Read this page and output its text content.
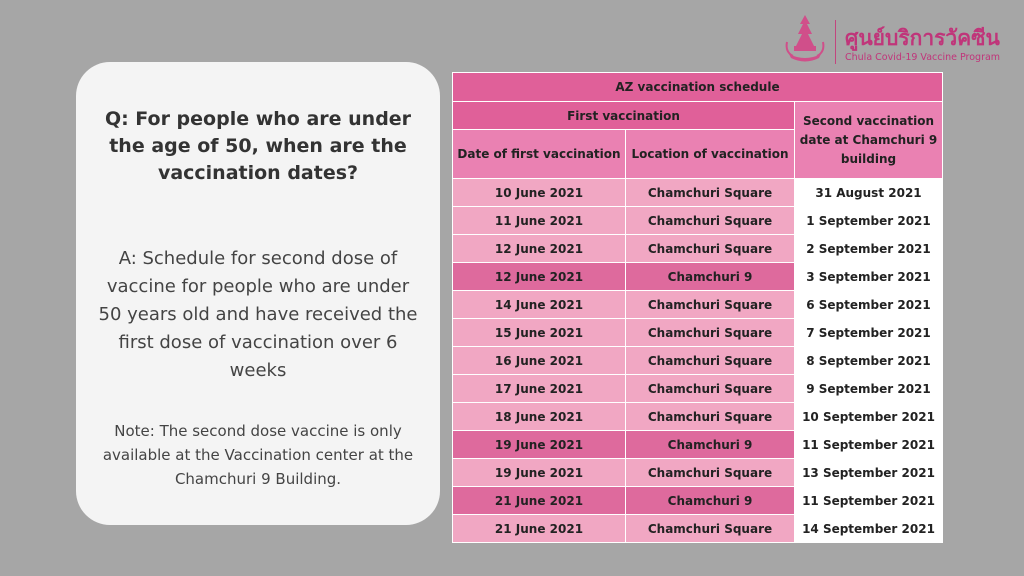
ศูนย์บริการวัคซีน
Chula Covid-19 Vaccine Program
Q: For people who are under the age of 50, when are the vaccination dates?
A: Schedule for second dose of vaccine for people who are under 50 years old and have received the first dose of vaccination over 6 weeks
Note: The second dose vaccine is only available at the Vaccination center at the Chamchuri 9 Building.
AZ vaccination schedule		
First vaccination		Second vaccination date at Chamchuri 9 building
Date of first vaccination	Location of vaccination	
10 June 2021	Chamchuri Square	31 August 2021
11 June 2021	Chamchuri Square	1 September 2021
12 June 2021	Chamchuri Square	2 September 2021
12 June 2021	Chamchuri 9	3 September 2021
14 June 2021	Chamchuri Square	6 September 2021
15 June 2021	Chamchuri Square	7 September 2021
16 June 2021	Chamchuri Square	8 September 2021
17 June 2021	Chamchuri Square	9 September 2021
18 June 2021	Chamchuri Square	10 September 2021
19 June 2021	Chamchuri 9	11 September 2021
19 June 2021	Chamchuri Square	13 September 2021
21 June 2021	Chamchuri 9	11 September 2021
21 June 2021	Chamchuri Square	14 September 2021
